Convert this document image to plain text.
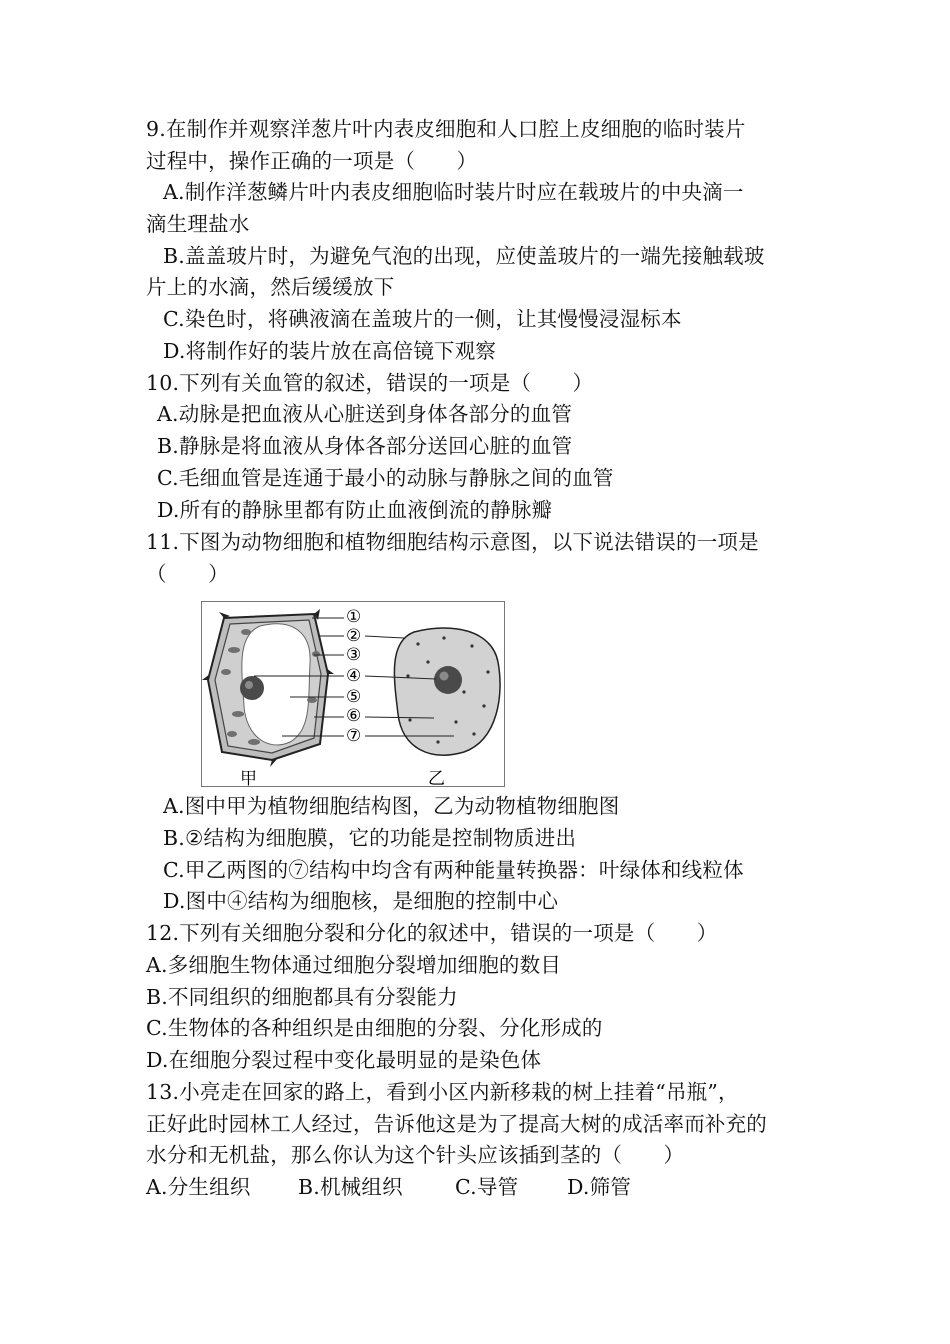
9.在制作并观察洋葱片叶内表皮细胞和人口腔上皮细胞的临时装片
过程中，操作正确的一项是（　　）
A.制作洋葱鳞片叶内表皮细胞临时装片时应在载玻片的中央滴一
滴生理盐水
B.盖盖玻片时，为避免气泡的出现，应使盖玻片的一端先接触载玻
片上的水滴，然后缓缓放下
C.染色时，将碘液滴在盖玻片的一侧，让其慢慢浸湿标本
D.将制作好的装片放在高倍镜下观察
10.下列有关血管的叙述，错误的一项是（　　）
A.动脉是把血液从心脏送到身体各部分的血管
B.静脉是将血液从身体各部分送回心脏的血管
C.毛细血管是连通于最小的动脉与静脉之间的血管
D.所有的静脉里都有防止血液倒流的静脉瓣
11.下图为动物细胞和植物细胞结构示意图，以下说法错误的一项是
（　　）
①
②
③
④
⑤
⑥
⑦
甲	乙
A.图中甲为植物细胞结构图，乙为动物植物细胞图
B.②结构为细胞膜，它的功能是控制物质进出
C.甲乙两图的⑦结构中均含有两种能量转换器：叶绿体和线粒体
D.图中④结构为细胞核，是细胞的控制中心
12.下列有关细胞分裂和分化的叙述中，错误的一项是（　　）
A.多细胞生物体通过细胞分裂增加细胞的数目
B.不同组织的细胞都具有分裂能力
C.生物体的各种组织是由细胞的分裂、分化形成的
D.在细胞分裂过程中变化最明显的是染色体
13.小亮走在回家的路上，看到小区内新移栽的树上挂着“吊瓶”，
正好此时园林工人经过，告诉他这是为了提高大树的成活率而补充的
水分和无机盐，那么你认为这个针头应该插到茎的（　　）
A.分生组织 B.机械组织	C.导管 D.筛管
